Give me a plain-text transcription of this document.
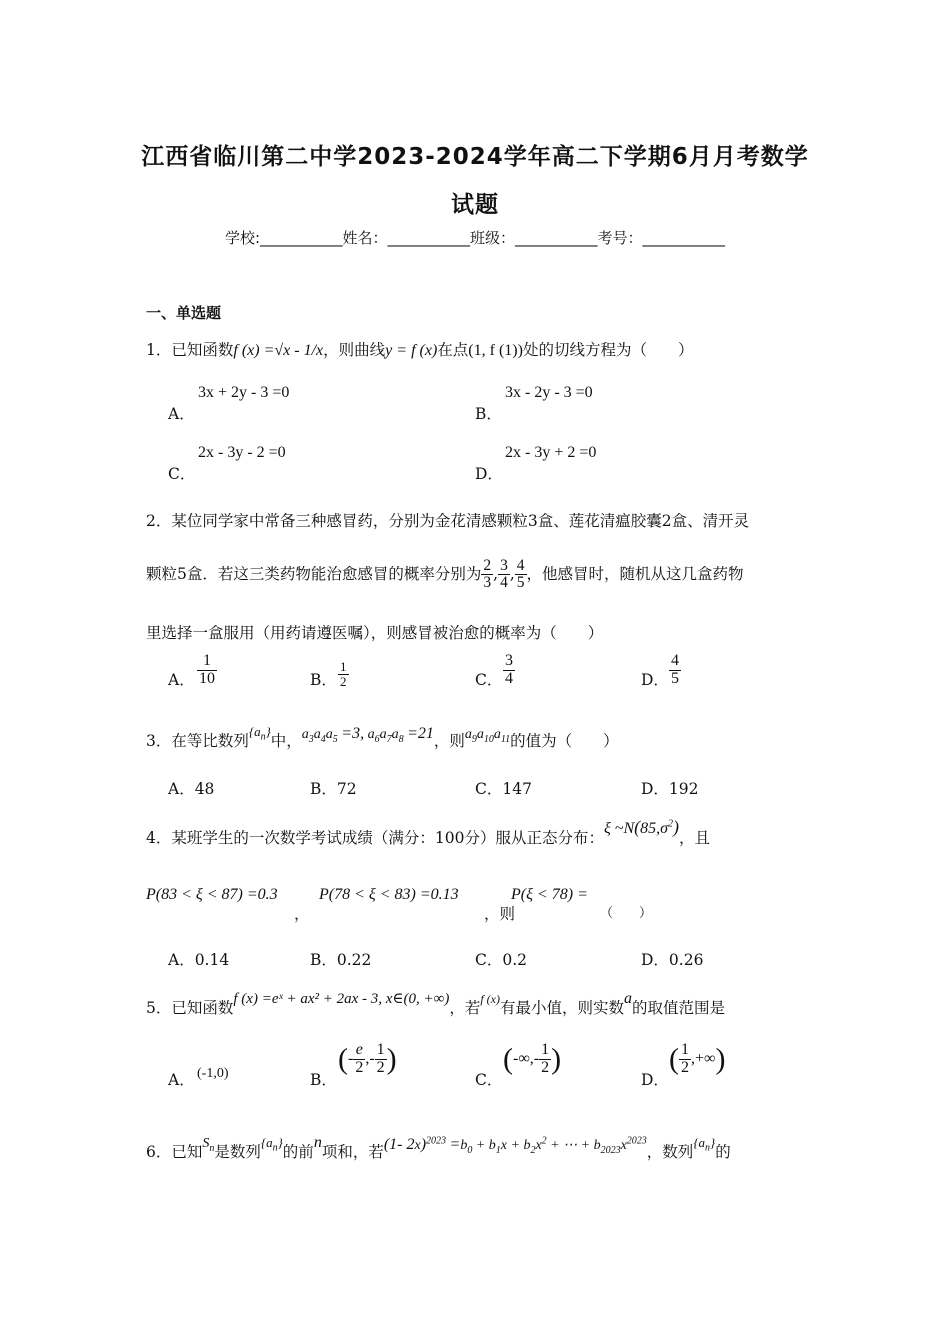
江西省临川第二中学2023-2024学年高二下学期6月月考数学
试题
学校:___________姓名：___________班级：___________考号：___________
一、单选题
1．已知函数f (x) =√x - 1/x，则曲线y = f (x)在点(1, f (1))处的切线方程为（　　）
A．
3x + 2y - 3 =0
B．
3x - 2y - 3 =0
C．
2x - 3y - 2 =0
D．
2x - 3y + 2 =0
2．某位同学家中常备三种感冒药，分别为金花清感颗粒3盒、莲花清瘟胶囊2盒、清开灵
颗粒5盒．若这三类药物能治愈感冒的概率分别为 $\frac{2}{3}$ , $\frac{3}{4}$ , $\frac{4}{5}$ ，他感冒时，随机从这几盒药物
里选择一盒服用（用药请遵医嘱），则感冒被治愈的概率为（　　）
A． $\frac{1}{10}$	B． $\frac{1}{2}$	C． $\frac{3}{4}$	D． $\frac{4}{5}$
3．在等比数列$^{\{a_n\}}$中，$a_3a_4a_5 =3$, $a_6a_7a_8 =21$，则$a_9a_{10}a_{11}$的值为（　　）
A．48	B．72	C．147	D．192
4．某班学生的一次数学考试成绩（满分：100分）服从正态分布：ξ $\sim N(85,\sigma^2)$，且
P(83 < ξ < 87) =0.3
，
P(78 < ξ < 83) =0.13
，则
P(ξ < 78) =
（　　）
A．0.14	B．0.22	C．0.2	D．0.26
5．已知函数f (x) =eˣ + ax² + 2ax - 3, x∈(0, +∞)，若$^{f (x)}$有最小值，则实数a的取值范围是
A． (-1,0)	B．
(- $\frac{e}{2}$ ,- $\frac{1}{2}$ )
C．
(-∞,- $\frac{1}{2}$ )
D．
( $\frac{1}{2}$ ,+∞)
6．已知$S_n$是数列$^{\{a_n\}}$的前n项和，若(1- $2x)^{2023} =b_0 + b_1x + b_2x^2$ + ⋯ + $b_{2023}x^{2023}$，数列$^{\{a_n\}}$的
